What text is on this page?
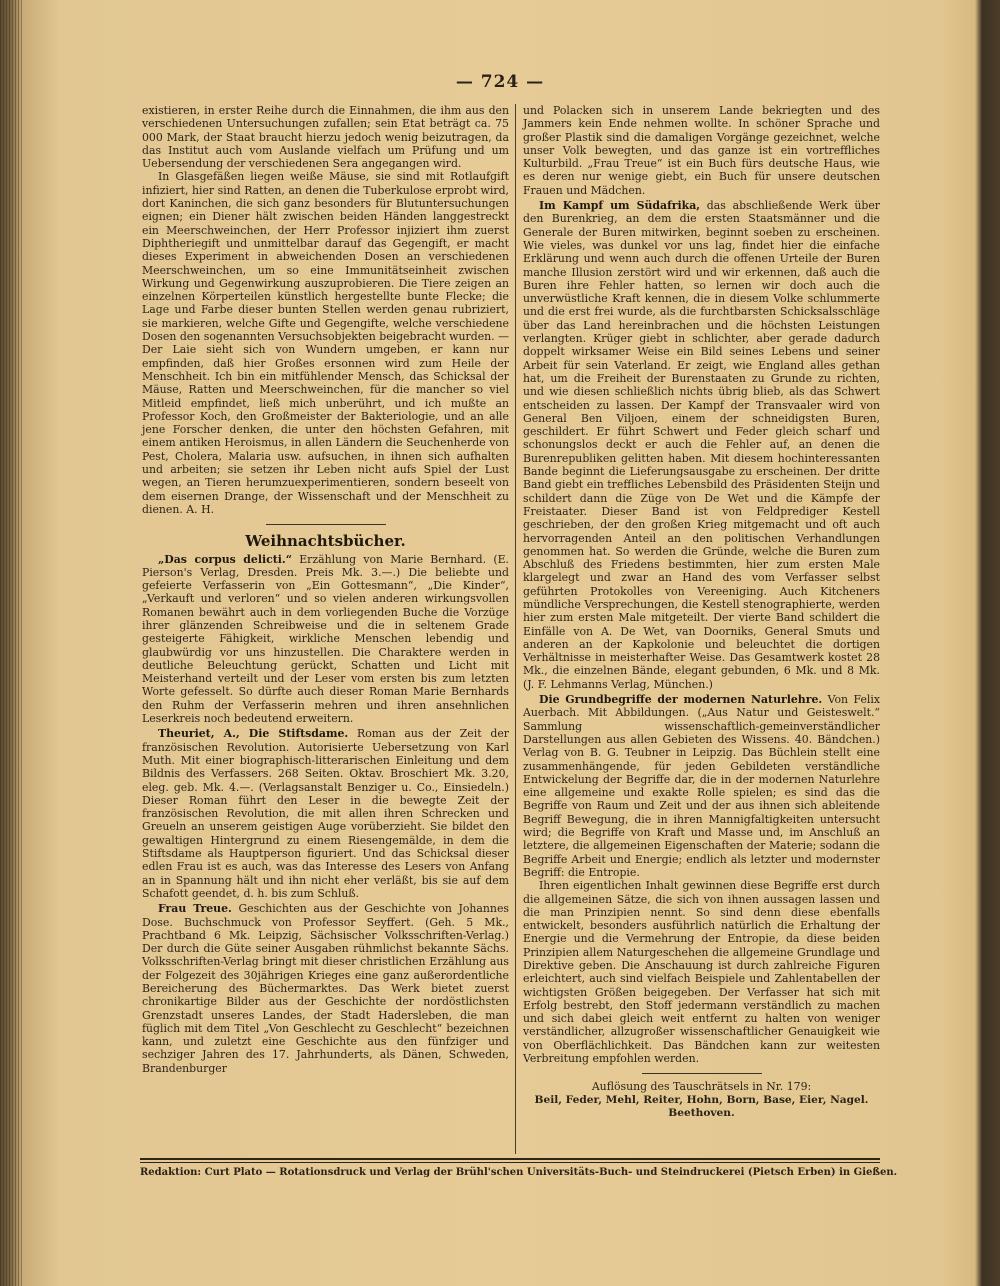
— 724 —

existieren, in erster Reihe durch die Einnahmen, die ihm aus den verschiedenen Untersuchungen zufallen; sein Etat beträgt ca. 75 000 Mark, der Staat braucht hierzu jedoch wenig beizutragen, da das Institut auch vom Auslande vielfach um Prüfung und um Uebersendung der verschiedenen Sera angegangen wird.

In Glasgefäßen liegen weiße Mäuse, sie sind mit Rotlaufgift infiziert, hier sind Ratten, an denen die Tuberkulose erprobt wird, dort Kaninchen, die sich ganz besonders für Blutuntersuchungen eignen; ein Diener hält zwischen beiden Händen langgestreckt ein Meerschweinchen, der Herr Professor injiziert ihm zuerst Diphtheriegift und unmittelbar darauf das Gegengift, er macht dieses Experiment in abweichenden Dosen an verschiedenen Meerschweinchen, um so eine Immunitätseinheit zwischen Wirkung und Gegenwirkung auszuprobieren. Die Tiere zeigen an einzelnen Körperteilen künstlich hergestellte bunte Flecke; die Lage und Farbe dieser bunten Stellen werden genau rubriziert, sie markieren, welche Gifte und Gegengifte, welche verschiedene Dosen den sogenannten Versuchsobjekten beigebracht wurden. — Der Laie sieht sich von Wundern umgeben, er kann nur empfinden, daß hier Großes ersonnen wird zum Heile der Menschheit. Ich bin ein mitfühlender Mensch, das Schicksal der Mäuse, Ratten und Meerschweinchen, für die mancher so viel Mitleid empfindet, ließ mich unberührt, und ich mußte an Professor Koch, den Großmeister der Bakteriologie, und an alle jene Forscher denken, die unter den höchsten Gefahren, mit einem antiken Heroismus, in allen Ländern die Seuchenherde von Pest, Cholera, Malaria usw. aufsuchen, in ihnen sich aufhalten und arbeiten; sie setzen ihr Leben nicht aufs Spiel der Lust wegen, an Tieren herumzuexperimentieren, sondern beseelt von dem eisernen Drange, der Wissenschaft und der Menschheit zu dienen. A. H.

Weihnachtsbücher.

„Das corpus delicti.“ Erzählung von Marie Bernhard. (E. Pierson's Verlag, Dresden. Preis Mk. 3.—.) Die beliebte und gefeierte Verfasserin von „Ein Gottesmann“, „Die Kinder“, „Verkauft und verloren“ und so vielen anderen wirkungsvollen Romanen bewährt auch in dem vorliegenden Buche die Vorzüge ihrer glänzenden Schreibweise und die in seltenem Grade gesteigerte Fähigkeit, wirkliche Menschen lebendig und glaubwürdig vor uns hinzustellen. Die Charaktere werden in deutliche Beleuchtung gerückt, Schatten und Licht mit Meisterhand verteilt und der Leser vom ersten bis zum letzten Worte gefesselt. So dürfte auch dieser Roman Marie Bernhards den Ruhm der Verfasserin mehren und ihren ansehnlichen Leserkreis noch bedeutend erweitern.

Theuriet, A., Die Stiftsdame. Roman aus der Zeit der französischen Revolution. Autorisierte Uebersetzung von Karl Muth. Mit einer biographisch-litterarischen Einleitung und dem Bildnis des Verfassers. 268 Seiten. Oktav. Broschiert Mk. 3.20, eleg. geb. Mk. 4.—. (Verlagsanstalt Benziger u. Co., Einsiedeln.) Dieser Roman führt den Leser in die bewegte Zeit der französischen Revolution, die mit allen ihren Schrecken und Greueln an unserem geistigen Auge vorüberzieht. Sie bildet den gewaltigen Hintergrund zu einem Riesengemälde, in dem die Stiftsdame als Hauptperson figuriert. Und das Schicksal dieser edlen Frau ist es auch, was das Interesse des Lesers von Anfang an in Spannung hält und ihn nicht eher verläßt, bis sie auf dem Schafott geendet, d. h. bis zum Schluß.

Frau Treue. Geschichten aus der Geschichte von Johannes Dose. Buchschmuck von Professor Seyffert. (Geh. 5 Mk., Prachtband 6 Mk. Leipzig, Sächsischer Volksschriften-Verlag.) Der durch die Güte seiner Ausgaben rühmlichst bekannte Sächs. Volksschriften-Verlag bringt mit dieser christlichen Erzählung aus der Folgezeit des 30jährigen Krieges eine ganz außerordentliche Bereicherung des Büchermarktes. Das Werk bietet zuerst chronikartige Bilder aus der Geschichte der nordöstlichsten Grenzstadt unseres Landes, der Stadt Hadersleben, die man füglich mit dem Titel „Von Geschlecht zu Geschlecht“ bezeichnen kann, und zuletzt eine Geschichte aus den fünfziger und sechziger Jahren des 17. Jahrhunderts, als Dänen, Schweden, Brandenburger

und Polacken sich in unserem Lande bekriegten und des Jammers kein Ende nehmen wollte. In schöner Sprache und großer Plastik sind die damaligen Vorgänge gezeichnet, welche unser Volk bewegten, und das ganze ist ein vortreffliches Kulturbild. „Frau Treue“ ist ein Buch fürs deutsche Haus, wie es deren nur wenige giebt, ein Buch für unsere deutschen Frauen und Mädchen.

Im Kampf um Südafrika, das abschließende Werk über den Burenkrieg, an dem die ersten Staatsmänner und die Generale der Buren mitwirken, beginnt soeben zu erscheinen. Wie vieles, was dunkel vor uns lag, findet hier die einfache Erklärung und wenn auch durch die offenen Urteile der Buren manche Illusion zerstört wird und wir erkennen, daß auch die Buren ihre Fehler hatten, so lernen wir doch auch die unverwüstliche Kraft kennen, die in diesem Volke schlummerte und die erst frei wurde, als die furchtbarsten Schicksalsschläge über das Land hereinbrachen und die höchsten Leistungen verlangten. Krüger giebt in schlichter, aber gerade dadurch doppelt wirksamer Weise ein Bild seines Lebens und seiner Arbeit für sein Vaterland. Er zeigt, wie England alles gethan hat, um die Freiheit der Burenstaaten zu Grunde zu richten, und wie diesen schließlich nichts übrig blieb, als das Schwert entscheiden zu lassen. Der Kampf der Transvaaler wird von General Ben Viljoen, einem der schneidigsten Buren, geschildert. Er führt Schwert und Feder gleich scharf und schonungslos deckt er auch die Fehler auf, an denen die Burenrepubliken gelitten haben. Mit diesem hochinteressanten Bande beginnt die Lieferungsausgabe zu erscheinen. Der dritte Band giebt ein treffliches Lebensbild des Präsidenten Steijn und schildert dann die Züge von De Wet und die Kämpfe der Freistaater. Dieser Band ist von Feldprediger Kestell geschrieben, der den großen Krieg mitgemacht und oft auch hervorragenden Anteil an den politischen Verhandlungen genommen hat. So werden die Gründe, welche die Buren zum Abschluß des Friedens bestimmten, hier zum ersten Male klargelegt und zwar an Hand des vom Verfasser selbst geführten Protokolles von Vereeniging. Auch Kitcheners mündliche Versprechungen, die Kestell stenographierte, werden hier zum ersten Male mitgeteilt. Der vierte Band schildert die Einfälle von A. De Wet, van Doorniks, General Smuts und anderen an der Kapkolonie und beleuchtet die dortigen Verhältnisse in meisterhafter Weise. Das Gesamtwerk kostet 28 Mk., die einzelnen Bände, elegant gebunden, 6 Mk. und 8 Mk. (J. F. Lehmanns Verlag, München.)

Die Grundbegriffe der modernen Naturlehre. Von Felix Auerbach. Mit Abbildungen. („Aus Natur und Geisteswelt.“ Sammlung wissenschaftlich-gemeinverständlicher Darstellungen aus allen Gebieten des Wissens. 40. Bändchen.) Verlag von B. G. Teubner in Leipzig. Das Büchlein stellt eine zusammenhängende, für jeden Gebildeten verständliche Entwickelung der Begriffe dar, die in der modernen Naturlehre eine allgemeine und exakte Rolle spielen; es sind das die Begriffe von Raum und Zeit und der aus ihnen sich ableitende Begriff Bewegung, die in ihren Mannigfaltigkeiten untersucht wird; die Begriffe von Kraft und Masse und, im Anschluß an letztere, die allgemeinen Eigenschaften der Materie; sodann die Begriffe Arbeit und Energie; endlich als letzter und modernster Begriff: die Entropie.

Ihren eigentlichen Inhalt gewinnen diese Begriffe erst durch die allgemeinen Sätze, die sich von ihnen aussagen lassen und die man Prinzipien nennt. So sind denn diese ebenfalls entwickelt, besonders ausführlich natürlich die Erhaltung der Energie und die Vermehrung der Entropie, da diese beiden Prinzipien allem Naturgeschehen die allgemeine Grundlage und Direktive geben. Die Anschauung ist durch zahlreiche Figuren erleichtert, auch sind vielfach Beispiele und Zahlentabellen der wichtigsten Größen beigegeben. Der Verfasser hat sich mit Erfolg bestrebt, den Stoff jedermann verständlich zu machen und sich dabei gleich weit entfernt zu halten von weniger verständlicher, allzugroßer wissenschaftlicher Genauigkeit wie von Oberflächlichkeit. Das Bändchen kann zur weitesten Verbreitung empfohlen werden.

Auflösung des Tauschrätsels in Nr. 179:

Beil, Feder, Mehl, Reiter, Hohn, Born, Base, Eier, Nagel.

Beethoven.

Redaktion: Curt Plato — Rotationsdruck und Verlag der Brühl'schen Universitäts-Buch- und Steindruckerei (Pietsch Erben) in Gießen.
